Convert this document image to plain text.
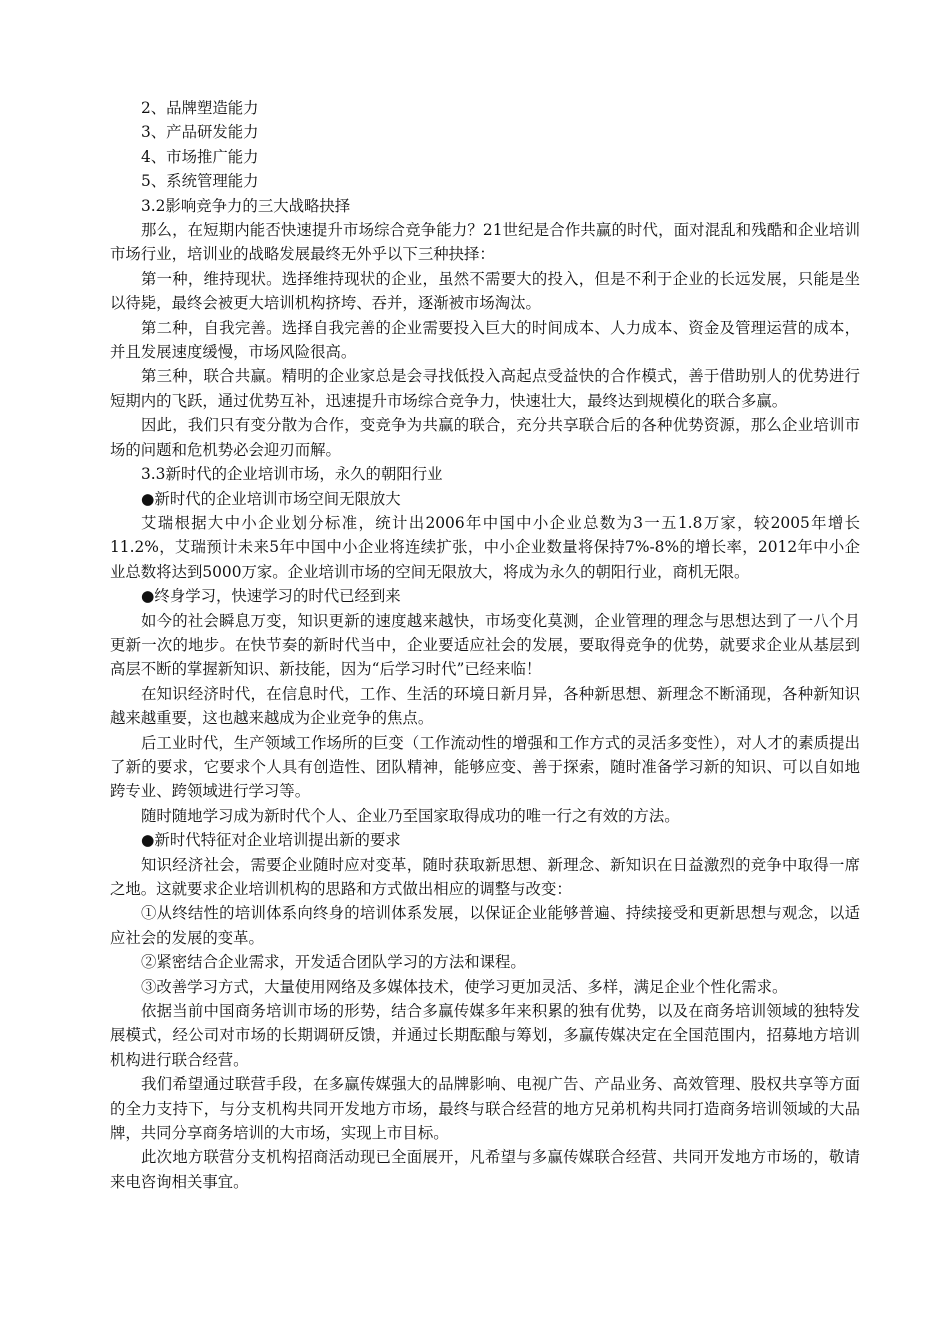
2、品牌塑造能力

3、产品研发能力

4、市场推广能力

5、系统管理能力

3.2影响竞争力的三大战略抉择

那么，在短期内能否快速提升市场综合竞争能力？21世纪是合作共赢的时代，面对混乱和残酷和企业培训市场行业，培训业的战略发展最终无外乎以下三种抉择：

第一种，维持现状。选择维持现状的企业，虽然不需要大的投入，但是不利于企业的长远发展，只能是坐以待毙，最终会被更大培训机构挤垮、吞并，逐渐被市场淘汰。

第二种，自我完善。选择自我完善的企业需要投入巨大的时间成本、人力成本、资金及管理运营的成本，并且发展速度缓慢，市场风险很高。

第三种，联合共赢。精明的企业家总是会寻找低投入高起点受益快的合作模式，善于借助别人的优势进行短期内的飞跃，通过优势互补，迅速提升市场综合竞争力，快速壮大，最终达到规模化的联合多赢。

因此，我们只有变分散为合作，变竞争为共赢的联合，充分共享联合后的各种优势资源，那么企业培训市场的问题和危机势必会迎刃而解。

3.3新时代的企业培训市场，永久的朝阳行业

●新时代的企业培训市场空间无限放大

艾瑞根据大中小企业划分标准，统计出2006年中国中小企业总数为3一五1.8万家，较2005年增长11.2%，艾瑞预计未来5年中国中小企业将连续扩张，中小企业数量将保持7%-8%的增长率，2012年中小企业总数将达到5000万家。企业培训市场的空间无限放大，将成为永久的朝阳行业，商机无限。

●终身学习，快速学习的时代已经到来

如今的社会瞬息万变，知识更新的速度越来越快，市场变化莫测，企业管理的理念与思想达到了一八个月更新一次的地步。在快节奏的新时代当中，企业要适应社会的发展，要取得竞争的优势，就要求企业从基层到高层不断的掌握新知识、新技能，因为“后学习时代”已经来临！

在知识经济时代，在信息时代，工作、生活的环境日新月异，各种新思想、新理念不断涌现，各种新知识越来越重要，这也越来越成为企业竞争的焦点。

后工业时代，生产领域工作场所的巨变（工作流动性的增强和工作方式的灵活多变性），对人才的素质提出了新的要求，它要求个人具有创造性、团队精神，能够应变、善于探索，随时准备学习新的知识、可以自如地跨专业、跨领域进行学习等。

随时随地学习成为新时代个人、企业乃至国家取得成功的唯一行之有效的方法。

●新时代特征对企业培训提出新的要求

知识经济社会，需要企业随时应对变革，随时获取新思想、新理念、新知识在日益激烈的竞争中取得一席之地。这就要求企业培训机构的思路和方式做出相应的调整与改变：

①从终结性的培训体系向终身的培训体系发展，以保证企业能够普遍、持续接受和更新思想与观念，以适应社会的发展的变革。

②紧密结合企业需求，开发适合团队学习的方法和课程。

③改善学习方式，大量使用网络及多媒体技术，使学习更加灵活、多样，满足企业个性化需求。

依据当前中国商务培训市场的形势，结合多赢传媒多年来积累的独有优势，以及在商务培训领域的独特发展模式，经公司对市场的长期调研反馈，并通过长期酝酿与筹划，多赢传媒决定在全国范围内，招募地方培训机构进行联合经营。

我们希望通过联营手段，在多赢传媒强大的品牌影响、电视广告、产品业务、高效管理、股权共享等方面的全力支持下，与分支机构共同开发地方市场，最终与联合经营的地方兄弟机构共同打造商务培训领域的大品牌，共同分享商务培训的大市场，实现上市目标。

此次地方联营分支机构招商活动现已全面展开，凡希望与多赢传媒联合经营、共同开发地方市场的，敬请来电咨询相关事宜。
